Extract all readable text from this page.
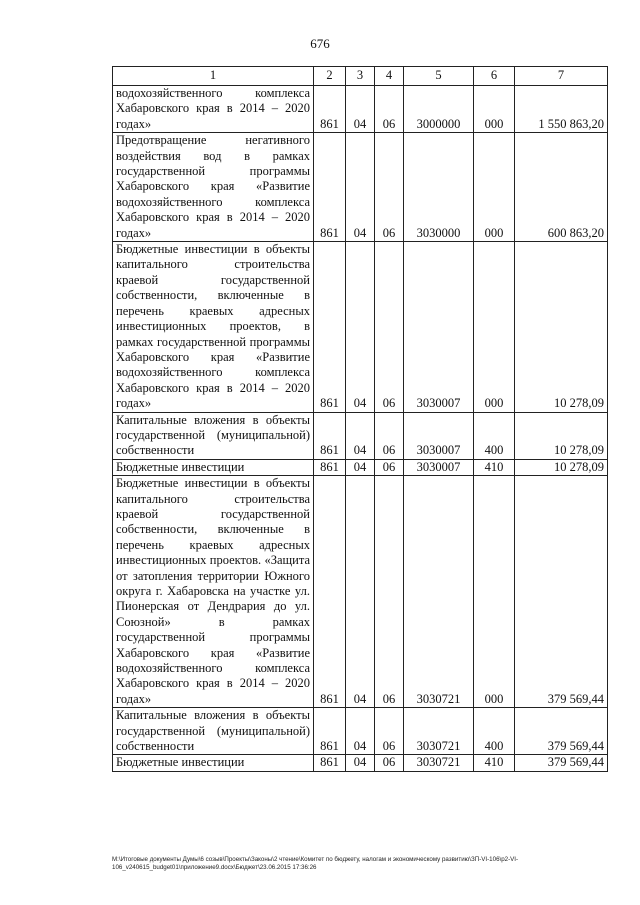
676
1	2	3	4	5	6	7
водохозяйственного комплекса Хабаровского края в 2014 – 2020 годах»	861	04	06	3000000	000	1 550 863,20
Предотвращение негативного воздействия вод в рамках государственной программы Хабаровского края «Развитие водохозяйственного комплекса Хабаровского края в 2014 – 2020 годах»	861	04	06	3030000	000	600 863,20
Бюджетные инвестиции в объекты капитального строительства краевой государственной собственности, включенные в перечень краевых адресных инвестиционных проектов, в рамках государственной программы Хабаровского края «Развитие водохозяйственного комплекса Хабаровского края в 2014 – 2020 годах»	861	04	06	3030007	000	10 278,09
Капитальные вложения в объекты государственной (муниципальной) собственности	861	04	06	3030007	400	10 278,09
Бюджетные инвестиции	861	04	06	3030007	410	10 278,09
Бюджетные инвестиции в объекты капитального строительства краевой государственной собственности, включенные в перечень краевых адресных инвестиционных проектов. «Защита от затопления территории Южного округа г. Хабаровска на участке ул. Пионерская от Дендрария до ул. Союзной» в рамках государственной программы Хабаровского края «Развитие водохозяйственного комплекса Хабаровского края в 2014 – 2020 годах»	861	04	06	3030721	000	379 569,44
Капитальные вложения в объекты государственной (муниципальной) собственности	861	04	06	3030721	400	379 569,44
Бюджетные инвестиции	861	04	06	3030721	410	379 569,44
M:\Итоговые документы Думы\6 созыв\Проекты\Законы\2 чтение\Комитет по бюджету, налогам и экономическому развитию\ЗП-VI-106\р2-VI-106_v240615_budget01\приложение9.docx\Бюджет\23.06.2015 17:36:26
